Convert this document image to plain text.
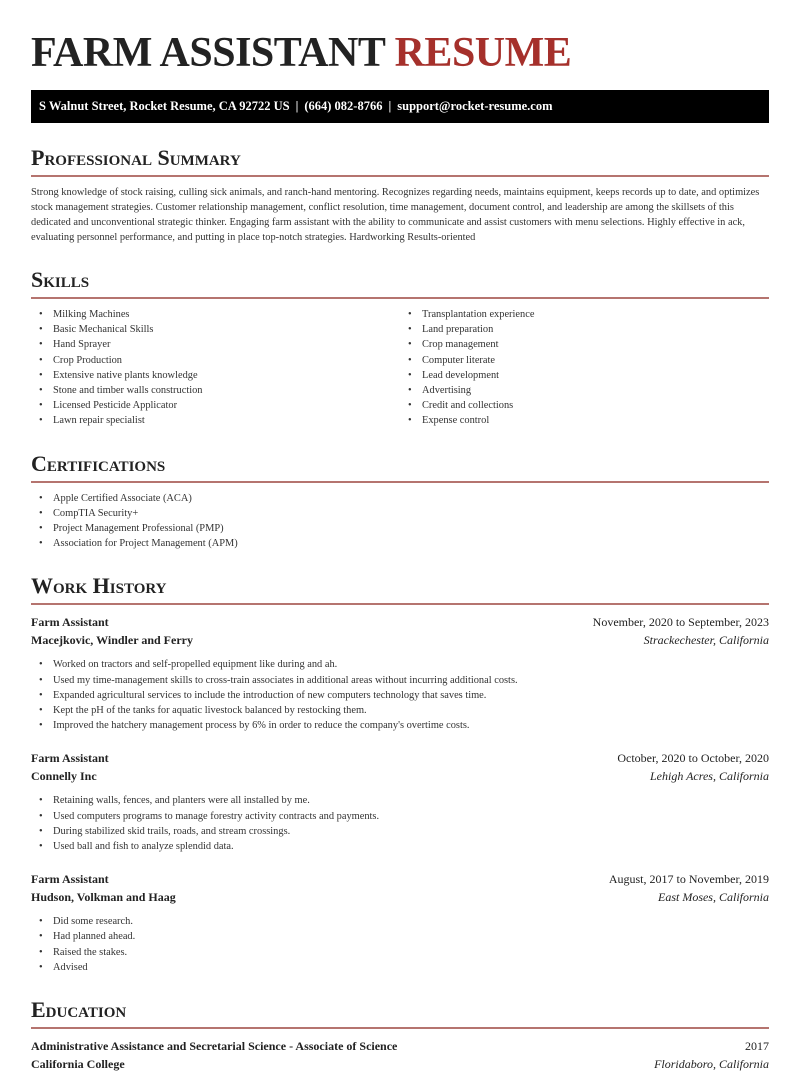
FARM ASSISTANT RESUME
S Walnut Street, Rocket Resume, CA 92722 US | (664) 082-8766 | support@rocket-resume.com
Professional Summary

Strong knowledge of stock raising, culling sick animals, and ranch-hand mentoring. Recognizes regarding needs, maintains equipment, keeps records up to date, and optimizes stock management strategies. Customer relationship management, conflict resolution, time management, document control, and leadership are among the skillsets of this dedicated and unconventional strategic thinker. Engaging farm assistant with the ability to communicate and assist customers with menu selections. Highly effective in ack, evaluating personnel performance, and putting in place top-notch strategies. Hardworking Results-oriented

Skills
• Milking Machines
• Basic Mechanical Skills
• Hand Sprayer
• Crop Production
• Extensive native plants knowledge
• Stone and timber walls construction
• Licensed Pesticide Applicator
• Lawn repair specialist
• Transplantation experience
• Land preparation
• Crop management
• Computer literate
• Lead development
• Advertising
• Credit and collections
• Expense control
Certifications
• Apple Certified Associate (ACA)
• CompTIA Security+
• Project Management Professional (PMP)
• Association for Project Management (APM)
Work History
Farm Assistant	November, 2020 to September, 2023
Macejkovic, Windler and Ferry	Strackechester, California
• Worked on tractors and self-propelled equipment like during and ah.
• Used my time-management skills to cross-train associates in additional areas without incurring additional costs.
• Expanded agricultural services to include the introduction of new computers technology that saves time.
• Kept the pH of the tanks for aquatic livestock balanced by restocking them.
• Improved the hatchery management process by 6% in order to reduce the company's overtime costs.
Farm Assistant	October, 2020 to October, 2020
Connelly Inc	Lehigh Acres, California
• Retaining walls, fences, and planters were all installed by me.
• Used computers programs to manage forestry activity contracts and payments.
• During stabilized skid trails, roads, and stream crossings.
• Used ball and fish to analyze splendid data.
Farm Assistant	August, 2017 to November, 2019
Hudson, Volkman and Haag	East Moses, California
• Did some research.
• Had planned ahead.
• Raised the stakes.
• Advised
Education
Administrative Assistance and Secretarial Science - Associate of Science	2017
California College	Floridaboro, California
